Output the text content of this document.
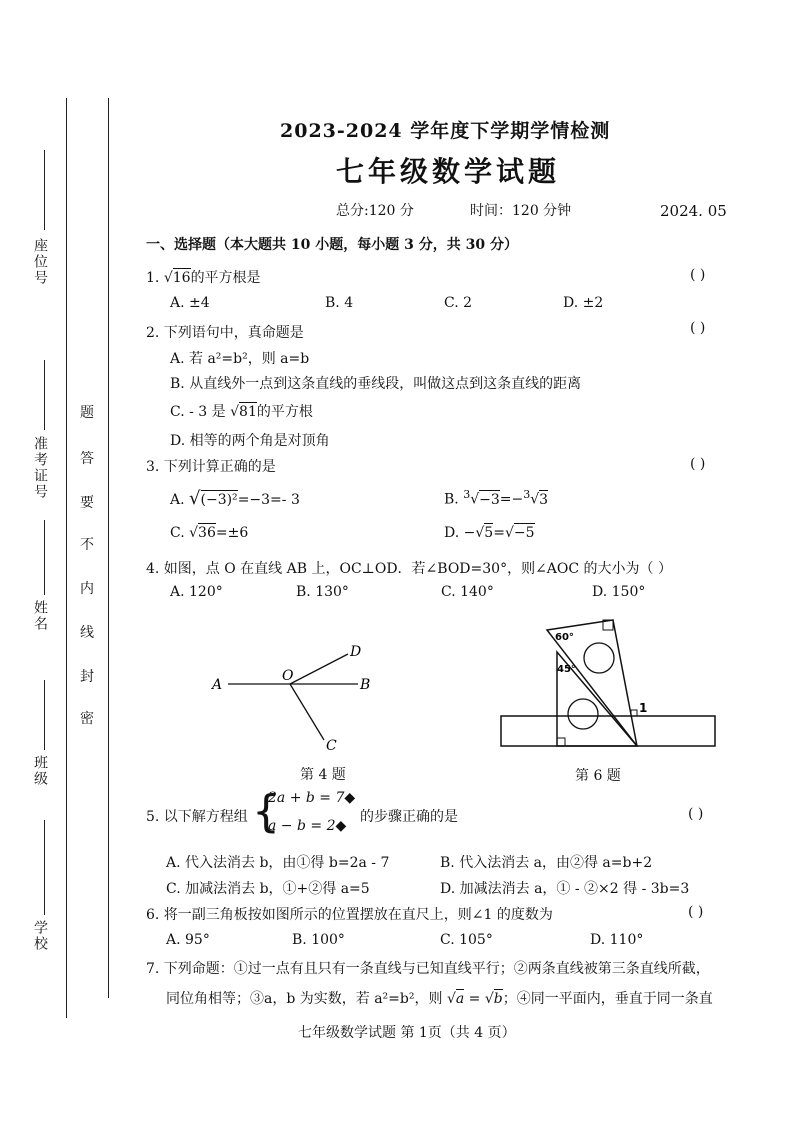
座位号
准考证号
姓名
班级
学校
题
答
要
不
内
线
封
密
2023-2024 学年度下学期学情检测
七年级数学试题
总分:120 分	时间：120 分钟	2024. 05
一、选择题（本大题共 10 小题，每小题 3 分，共 30 分）
1. √16的平方根是	( )
A. ±4	B. 4	C. 2	D. ±2
2. 下列语句中，真命题是	( )
A. 若 a²=b²，则 a=b
B. 从直线外一点到这条直线的垂线段，叫做这点到这条直线的距离
C. - 3 是 √81的平方根
D. 相等的两个角是对顶角
3. 下列计算正确的是	( )
A. √(−3)²=−3=- 3	B. $^3$√−3=−$^3$√3
C. √36=±6	D. −√5=√−5
4. 如图，点 O 在直线 AB 上，OC⊥OD．若∠BOD=30°，则∠AOC 的大小为（ ）
A. 120°	B. 130°	C. 140°	D. 150°
A
O
B
D
C
第 4 题
60°
45°
1
第 6 题
5. 以下解方程组 {
2a + b = 7◆
a − b = 2◆
的步骤正确的是	( )
A. 代入法消去 b，由①得 b=2a - 7	B. 代入法消去 a，由②得 a=b+2
C. 加减法消去 b，①+②得 a=5	D. 加减法消去 a，① - ②×2 得 - 3b=3
6. 将一副三角板按如图所示的位置摆放在直尺上，则∠1 的度数为	( )
A. 95°	B. 100°	C. 105°	D. 110°
7. 下列命题：①过一点有且只有一条直线与已知直线平行；②两条直线被第三条直线所截，
同位角相等；③a，b 为实数，若 a²=b²，则 √a = √b；④同一平面内，垂直于同一条直
七年级数学试题 第 1页（共 4 页）
